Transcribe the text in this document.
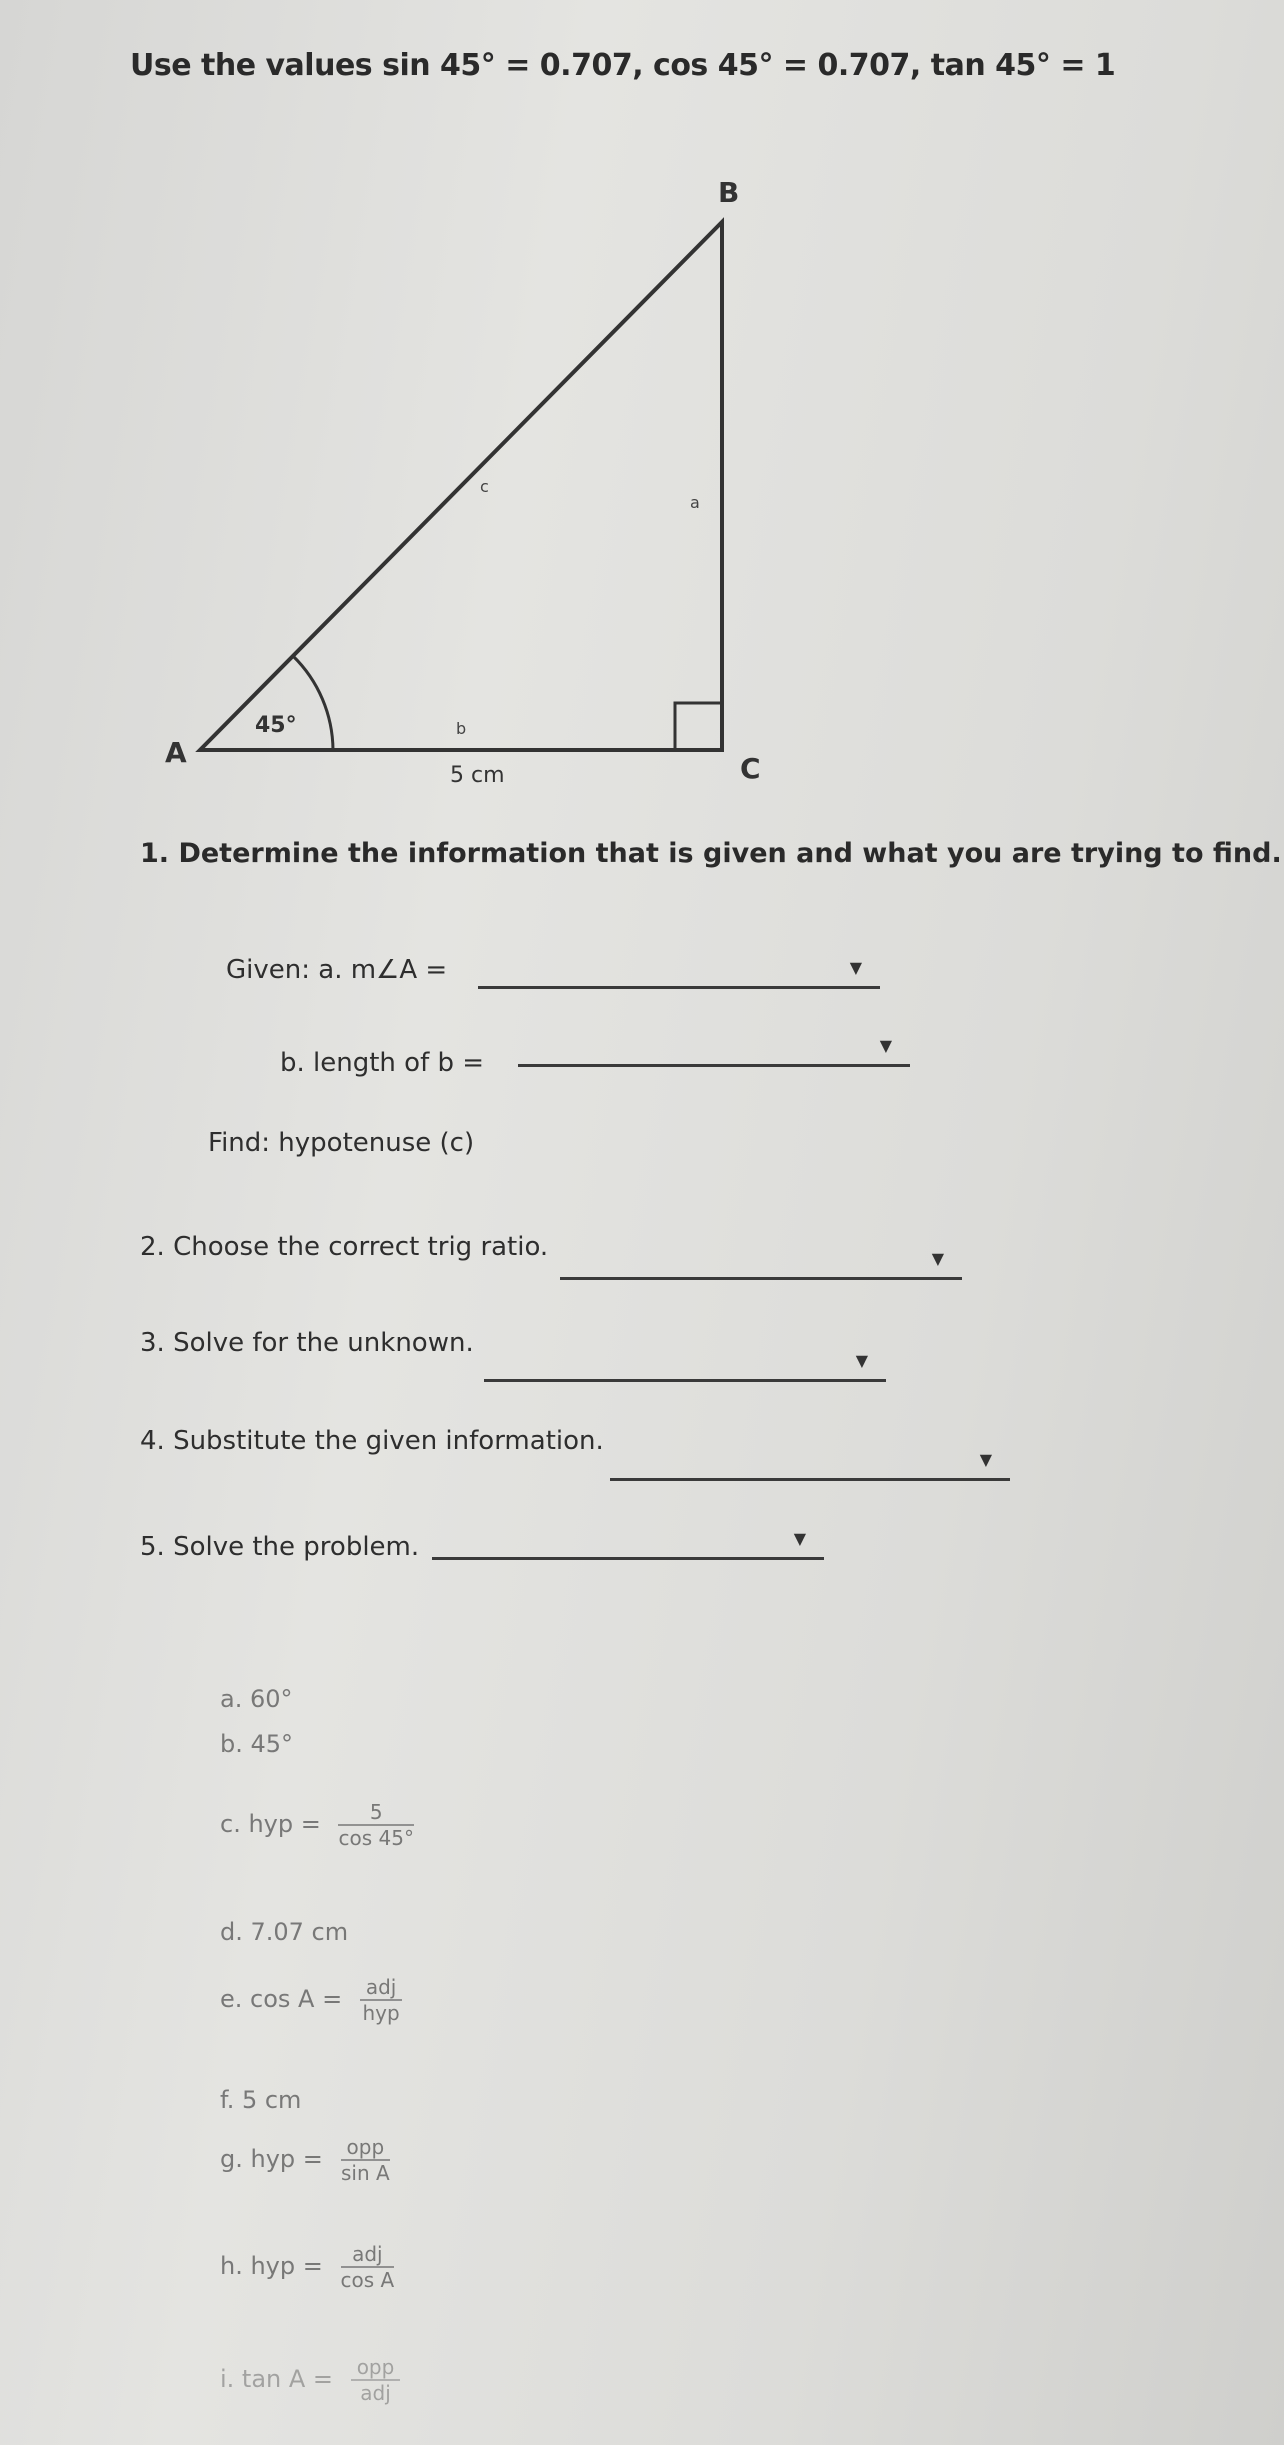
Use the values sin 45° = 0.707, cos 45° = 0.707, tan 45° = 1
B
A	C
c
a
b
45°
5 cm
1. Determine the information that is given and what you are trying to find.
Given: a. m∠A =	▼
b. length of b =
▼
Find: hypotenuse (c)
2. Choose the correct trig ratio.	▼
3. Solve for the unknown.
▼
4. Substitute the given information.
▼
5. Solve the problem.	▼
a. 60°
b. 45°
c. hyp = $\frac{5}{\cos 45^\circ}$
d. 7.07 cm
e. $\cos A = \frac{\text{adj}}{\text{hyp}}$
f. 5 cm
g. hyp = $\frac{\text{opp}}{\text{sin A}}$
h. hyp = $\frac{\text{adj}}{\text{cos A}}$
i. $\tan A = \frac{\text{opp}}{\text{adj}}$
